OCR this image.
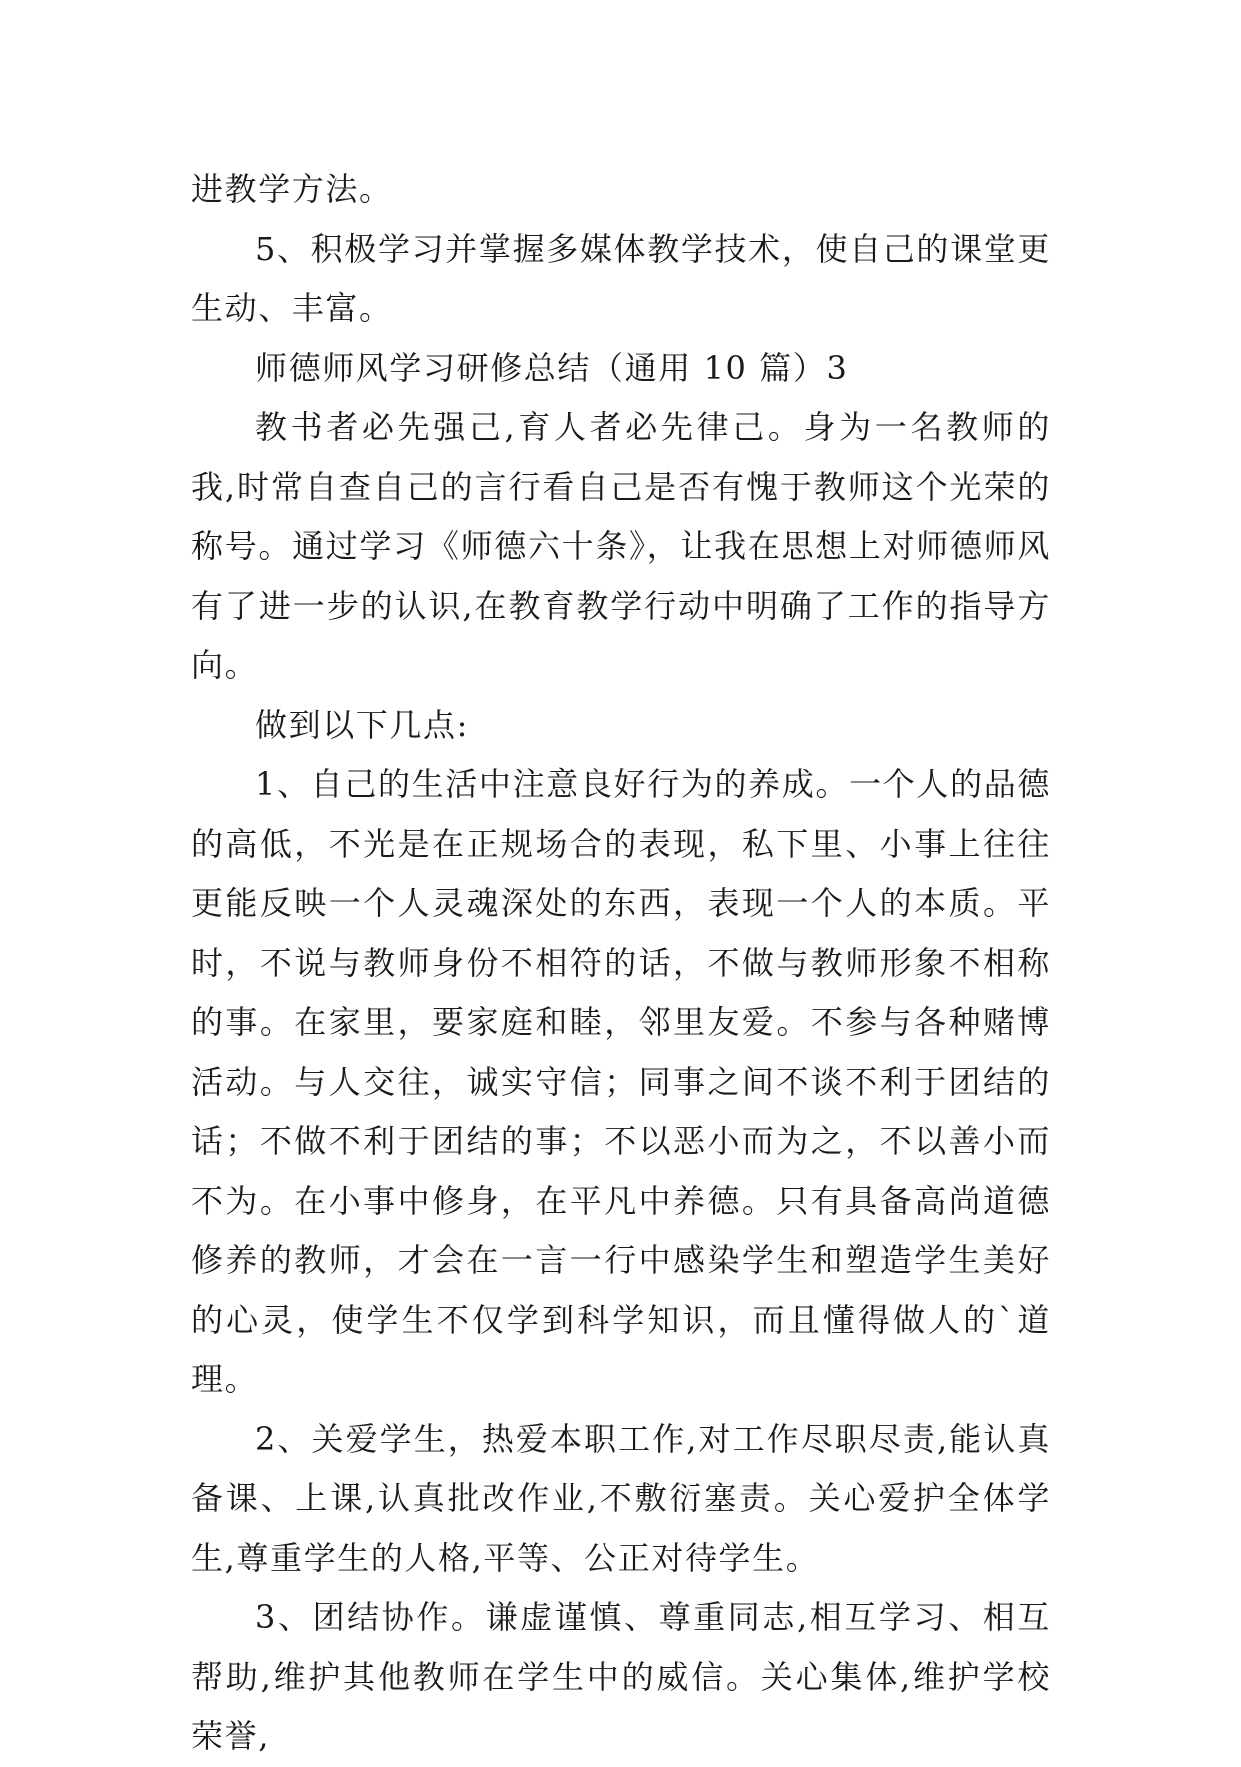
进教学方法。

5、积极学习并掌握多媒体教学技术，使自己的课堂更生动、丰富。

师德师风学习研修总结（通用 10 篇）3

教书者必先强己,育人者必先律己。身为一名教师的我,时常自查自己的言行看自己是否有愧于教师这个光荣的称号。通过学习《师德六十条》，让我在思想上对师德师风有了进一步的认识,在教育教学行动中明确了工作的指导方向。

做到以下几点:

1、自己的生活中注意良好行为的养成。一个人的品德的高低，不光是在正规场合的表现，私下里、小事上往往更能反映一个人灵魂深处的东西，表现一个人的本质。平时，不说与教师身份不相符的话，不做与教师形象不相称的事。在家里，要家庭和睦，邻里友爱。不参与各种赌博活动。与人交往，诚实守信；同事之间不谈不利于团结的话；不做不利于团结的事；不以恶小而为之，不以善小而不为。在小事中修身，在平凡中养德。只有具备高尚道德修养的教师，才会在一言一行中感染学生和塑造学生美好的心灵，使学生不仅学到科学知识，而且懂得做人的`道理。

2、关爱学生，热爱本职工作,对工作尽职尽责,能认真备课、上课,认真批改作业,不敷衍塞责。关心爱护全体学生,尊重学生的人格,平等、公正对待学生。

3、团结协作。谦虚谨慎、尊重同志,相互学习、相互帮助,维护其他教师在学生中的威信。关心集体,维护学校荣誉,
